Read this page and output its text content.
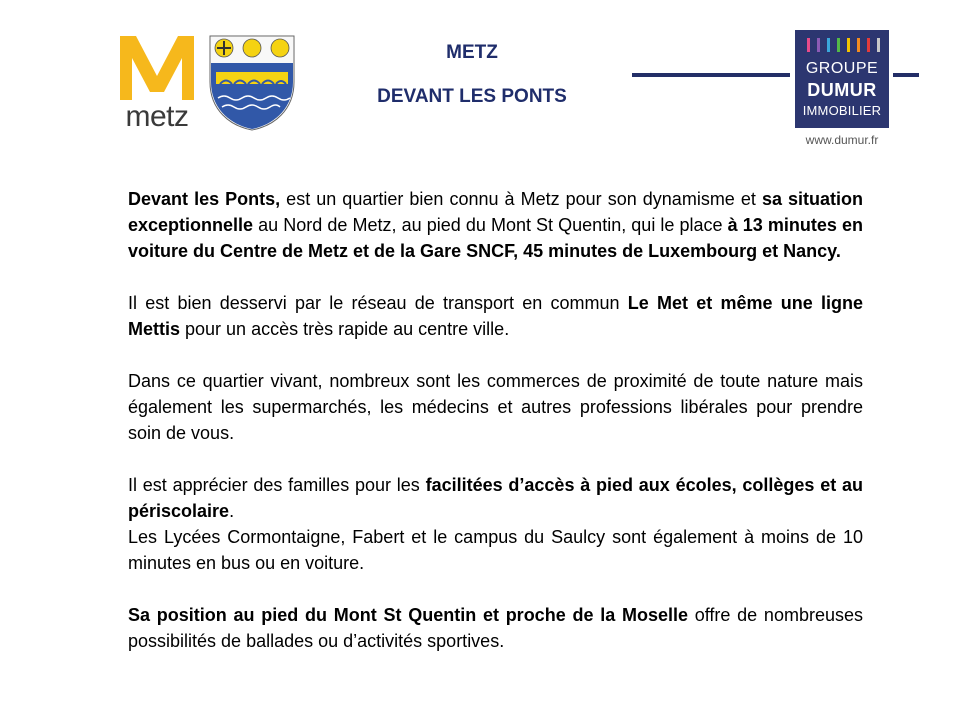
metz
METZ
DEVANT LES PONTS
GROUPE
DUMUR
IMMOBILIER
www.dumur.fr

Devant les Ponts, est un quartier bien connu à Metz pour son dynamisme et sa situation exceptionnelle au Nord de Metz, au pied du Mont St Quentin, qui le place à 13 minutes en voiture du Centre de Metz et de la Gare SNCF, 45 minutes de Luxembourg et Nancy.

Il est bien desservi par le réseau de transport en commun Le Met et même une ligne Mettis pour un accès très rapide au centre ville.

Dans ce quartier vivant, nombreux sont les commerces de proximité de toute nature mais également les supermarchés, les médecins et autres professions libérales pour prendre soin de vous.

Il est apprécier des familles pour les facilitées d’accès à pied aux écoles, collèges et au périscolaire.

Les Lycées Cormontaigne, Fabert et le campus du Saulcy sont également à moins de 10 minutes en bus ou en voiture.

Sa position au pied du Mont St Quentin et proche de la Moselle offre de nombreuses possibilités de ballades ou d’activités sportives.
